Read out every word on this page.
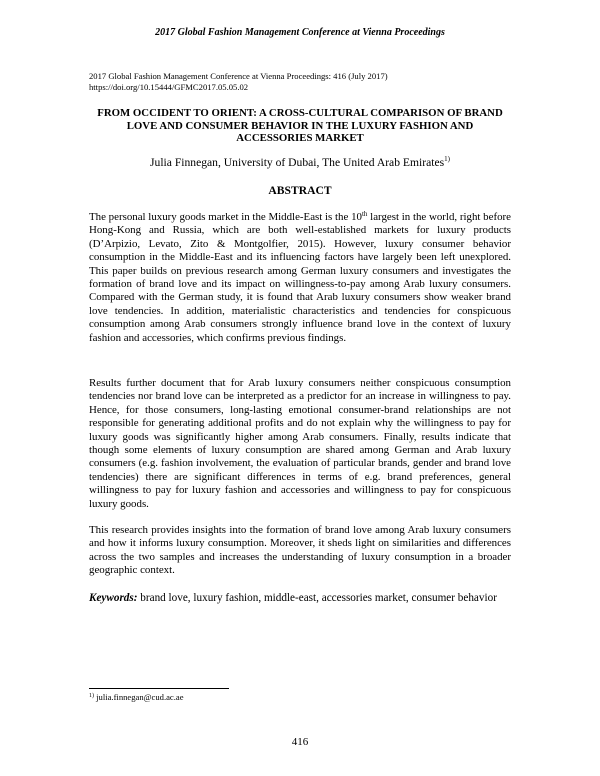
2017 Global Fashion Management Conference at Vienna Proceedings
2017 Global Fashion Management Conference at Vienna Proceedings: 416 (July 2017)
https://doi.org/10.15444/GFMC2017.05.05.02
FROM OCCIDENT TO ORIENT: A CROSS-CULTURAL COMPARISON OF BRAND LOVE AND CONSUMER BEHAVIOR IN THE LUXURY FASHION AND ACCESSORIES MARKET
Julia Finnegan, University of Dubai, The United Arab Emirates$^{1)}$
ABSTRACT

The personal luxury goods market in the Middle-East is the 10th largest in the world, right before Hong-Kong and Russia, which are both well-established markets for luxury products (D’Arpizio, Levato, Zito & Montgolfier, 2015). However, luxury consumer behavior consumption in the Middle-East and its influencing factors have largely been left unexplored. This paper builds on previous research among German luxury consumers and investigates the formation of brand love and its impact on willingness-to-pay among Arab luxury consumers. Compared with the German study, it is found that Arab luxury consumers show weaker brand love tendencies. In addition, materialistic characteristics and tendencies for conspicuous consumption among Arab consumers strongly influence brand love in the context of luxury fashion and accessories, which confirms previous findings.

Results further document that for Arab luxury consumers neither conspicuous consumption tendencies nor brand love can be interpreted as a predictor for an increase in willingness to pay. Hence, for those consumers, long-lasting emotional consumer-brand relationships are not responsible for generating additional profits and do not explain why the willingness to pay for luxury goods was significantly higher among Arab consumers. Finally, results indicate that though some elements of luxury consumption are shared among German and Arab luxury consumers (e.g. fashion involvement, the evaluation of particular brands, gender and brand love tendencies) there are significant differences in terms of e.g. brand preferences, general willingness to pay for luxury fashion and accessories and willingness to pay for conspicuous luxury goods.

This research provides insights into the formation of brand love among Arab luxury consumers and how it informs luxury consumption. Moreover, it sheds light on similarities and differences across the two samples and increases the understanding of luxury consumption in a broader geographic context.

Keywords: brand love, luxury fashion, middle-east, accessories market, consumer behavior
$^{1)}$ julia.finnegan@cud.ac.ae
416
